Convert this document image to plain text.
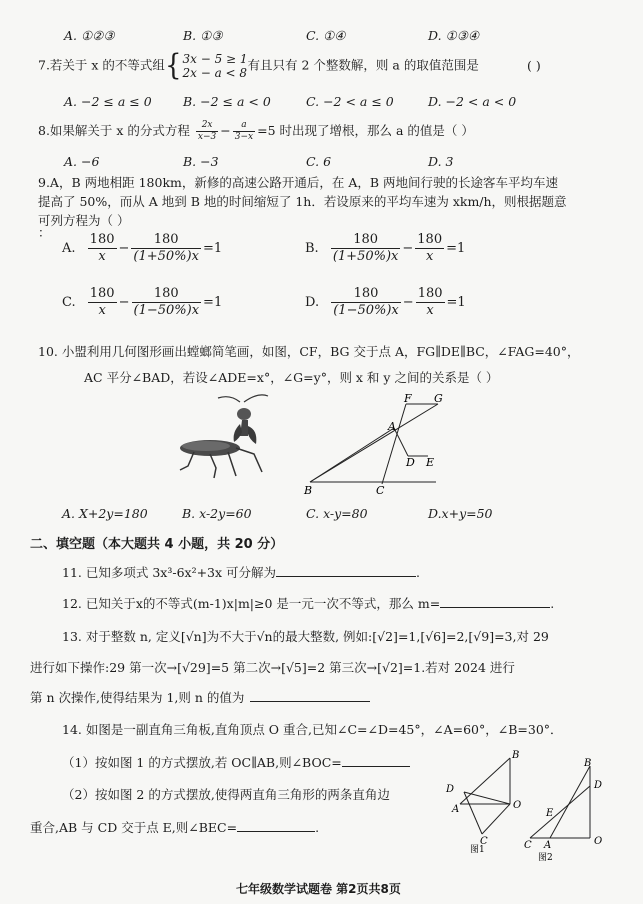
A. ①②③	B. ①③	C. ①④	D. ①③④
7.若关于 x 的不等式组{ 3x − 5 ≥ 1
2x − a < 8
有且只有 2 个整数解，则 a 的取值范围是	( )
A. −2 ≤ a ≤ 0	B. −2 ≤ a < 0	C. −2 < a ≤ 0	D. −2 < a < 0
8.如果解关于 x 的分式方程 $\frac{2x}{x-3} - \frac{a}{3-x} =5$ 时出现了增根，那么 a 的值是（ ）
A. −6	B. −3	C. 6	D. 3
9.A，B 两地相距 180km，新修的高速公路开通后，在 A，B 两地间行驶的长途客车平均车速
提高了 50%，而从 A 地到 B 地的时间缩短了 1h．若设原来的平均车速为 xkm/h，则根据题意
可列方程为（ ）
：
A. $\frac{180}{x} - \frac{180}{(1+50\%)x} =1$	B. $\frac{180}{(1+50\%)x} - \frac{180}{x} =1$
C. $\frac{180}{x} - \frac{180}{(1-50\%)x} =1$	D. $\frac{180}{(1-50\%)x} - \frac{180}{x} =1$
10. 小盟利用几何图形画出螳螂简笔画，如图，CF，BG 交于点 A，FG∥DE∥BC，∠FAG=40°，
AC 平分∠BAD，若设∠ADE=x°，∠G=y°，则 x 和 y 之间的关系是（ ）
F G
A
D E
B	C
A. X+2y=180	B. x-2y=60	C. x-y=80	D.x+y=50
二、填空题（本大题共 4 小题，共 20 分）
11. 已知多项式 3x³-6x²+3x 可分解为	.
12. 已知关于x的不等式(m-1)x|m|≥0 是一元一次不等式，那么 m=	.
13. 对于整数 n, 定义[√n]为不大于√n的最大整数, 例如:[√2]=1,[√6]=2,[√9]=3,对 29
进行如下操作:29 第一次→[√29]=5 第二次→[√5]=2 第三次→[√2]=1.若对 2024 进行
第 n 次操作,使得结果为 1,则 n 的值为
14. 如图是一副直角三角板,直角顶点 O 重合,已知∠C=∠D=45°，∠A=60°，∠B=30°．
（1）按如图 1 的方式摆放,若 OC∥AB,则∠BOC=
（2）按如图 2 的方式摆放,使得两直角三角形的两条直角边
重合,AB 与 CD 交于点 E,则∠BEC=	.
B
D
A	O
C
图1
B
D
E
C A	O
图2
七年级数学试题卷 第2页共8页
